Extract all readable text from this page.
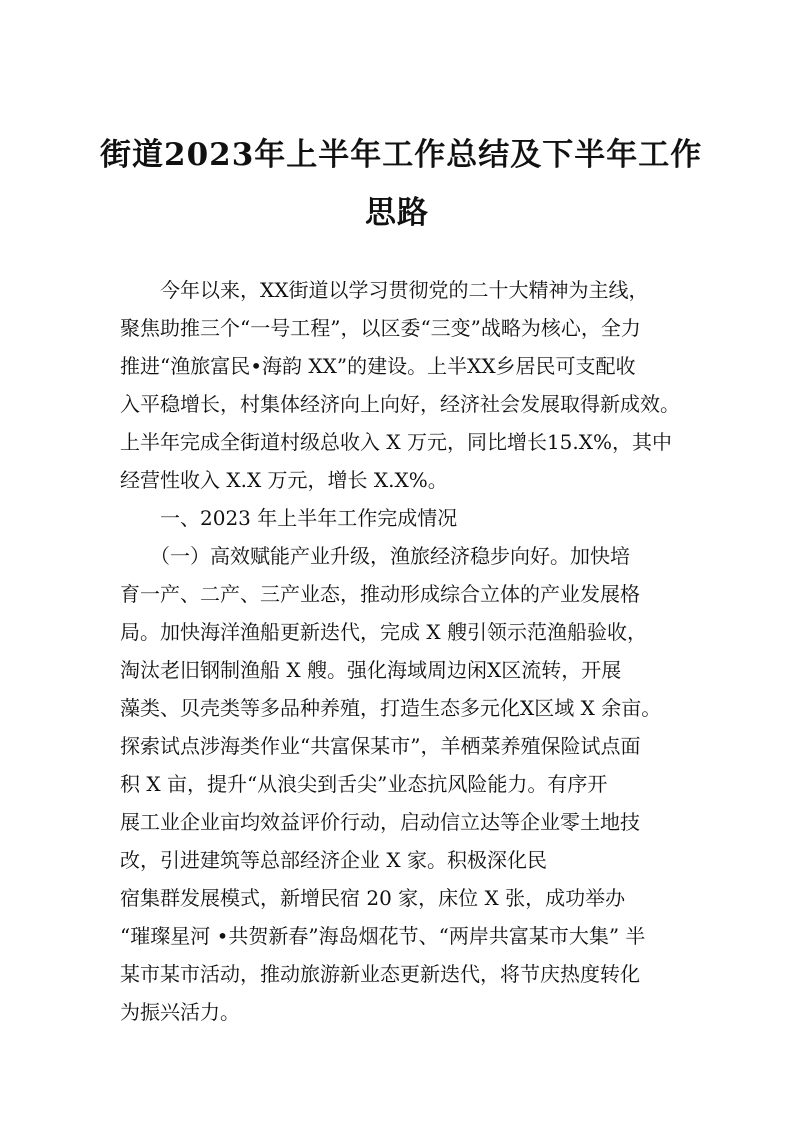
街道2023年上半年工作总结及下半年工作
思路
　　今年以来，XX街道以学习贯彻党的二十大精神为主线，
聚焦助推三个“一号工程”，以区委“三变”战略为核心，全力
推进“渔旅富民•海韵 XX”的建设。上半XX乡居民可支配收
入平稳增长，村集体经济向上向好，经济社会发展取得新成效。
上半年完成全街道村级总收入 X 万元，同比增长15.X%，其中
经营性收入 X.X 万元，增长 X.X%。
　　一、2023 年上半年工作完成情况
　　（一）高效赋能产业升级，渔旅经济稳步向好。加快培
育一产、二产、三产业态，推动形成综合立体的产业发展格
局。加快海洋渔船更新迭代，完成 X 艘引领示范渔船验收，
淘汰老旧钢制渔船 X 艘。强化海域周边闲X区流转，开展
藻类、贝壳类等多品种养殖，打造生态多元化X区域 X 余亩。
探索试点涉海类作业“共富保某市”，羊栖菜养殖保险试点面
积 X 亩，提升“从浪尖到舌尖”业态抗风险能力。有序开
展工业企业亩均效益评价行动，启动信立达等企业零土地技
改，引进建筑等总部经济企业 X 家。积极深化民
宿集群发展模式，新增民宿 20 家，床位 X 张，成功举办
“璀璨星河 •共贺新春”海岛烟花节、“两岸共富某市大集” 半
某市某市活动，推动旅游新业态更新迭代，将节庆热度转化
为振兴活力。
